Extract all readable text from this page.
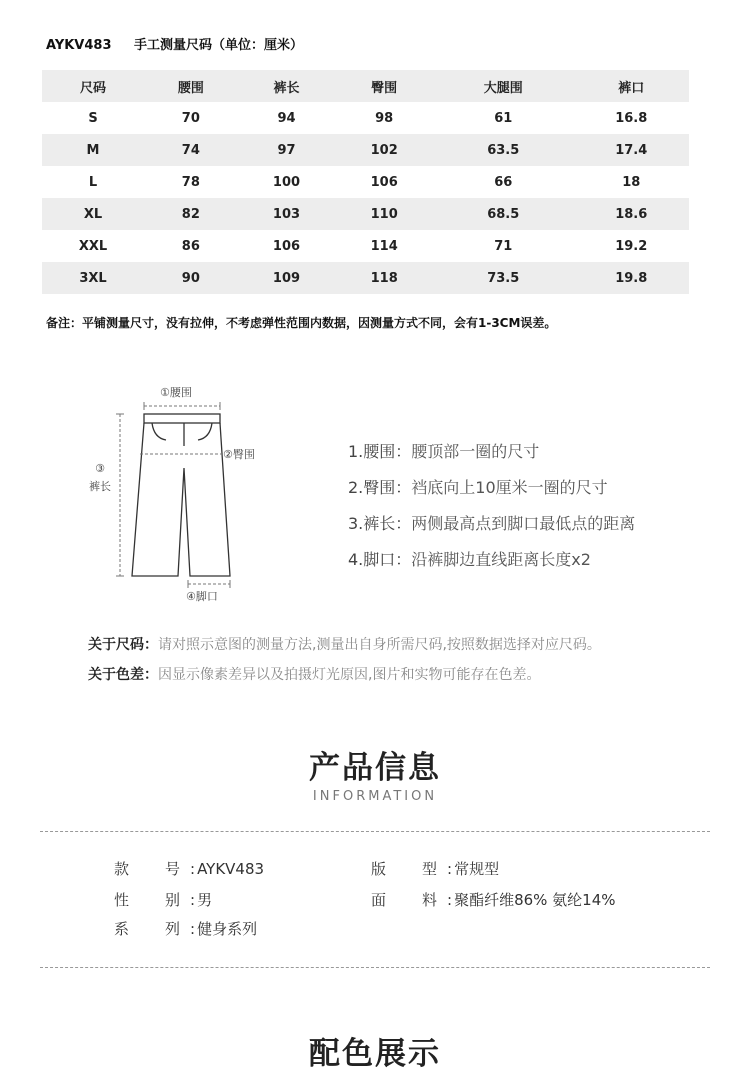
AYKV483 手工测量尺码（单位：厘米）
尺码	腰围	裤长	臀围	大腿围	裤口
S	70	94	98	61	16.8
M	74	97	102	63.5	17.4
L	78	100	106	66	18
XL	82	103	110	68.5	18.6
XXL	86	106	114	71	19.2
3XL	90	109	118	73.5	19.8
备注：平铺测量尺寸，没有拉伸，不考虑弹性范围内数据，因测量方式不同，会有1-3CM误差。
①腰围
②臀围
③
裤长
④脚口
1.腰围：腰顶部一圈的尺寸
2.臀围：裆底向上10厘米一圈的尺寸
3.裤长：两侧最高点到脚口最低点的距离
4.脚口：沿裤脚边直线距离长度x2
关于尺码：请对照示意图的测量方法,测量出自身所需尺码,按照数据选择对应尺码。
关于色差：因显示像素差异以及拍摄灯光原因,图片和实物可能存在色差。
产品信息
INFORMATION
款号 : AYKV483
性别 : 男
系列 : 健身系列
版型 : 常规型
面料 : 聚酯纤维86% 氨纶14%
配色展示
